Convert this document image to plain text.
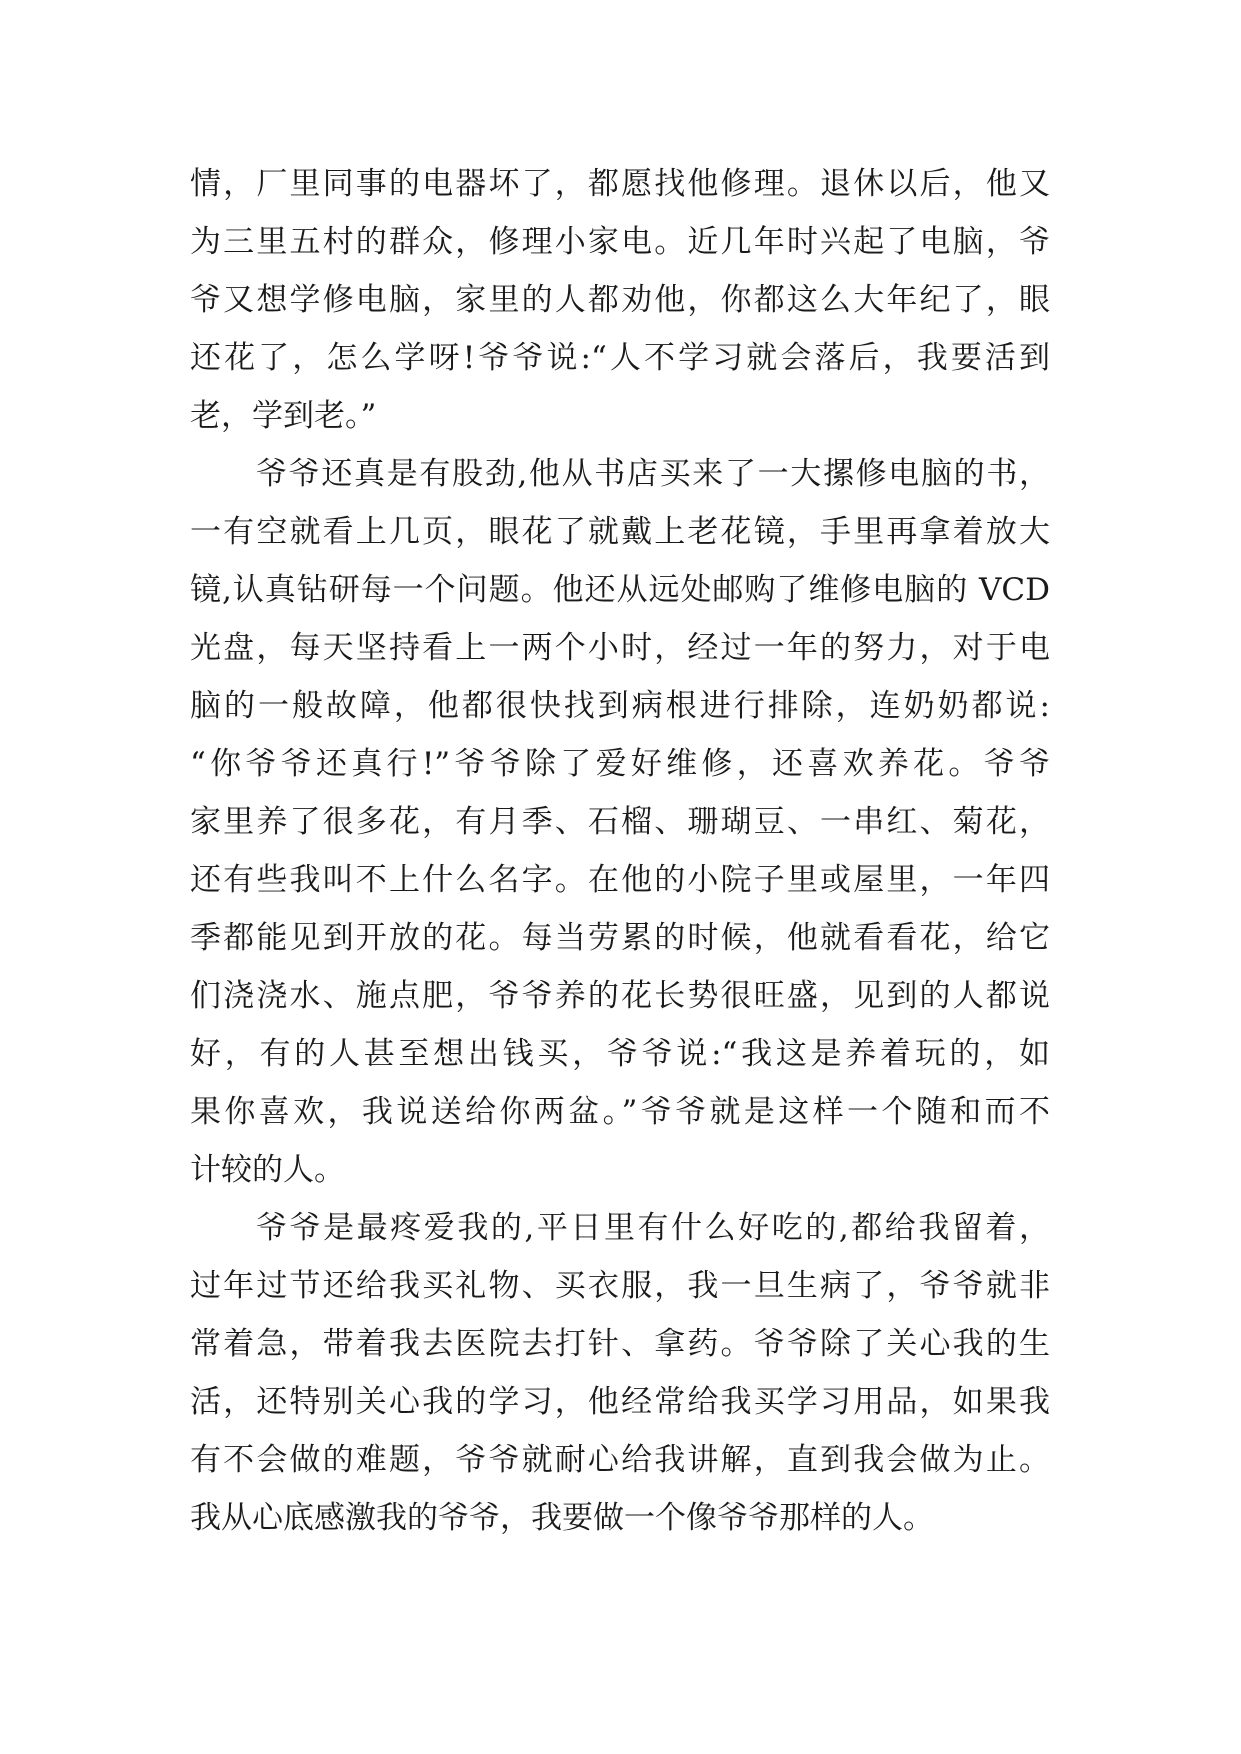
情，厂里同事的电器坏了，都愿找他修理。退休以后，他又
为三里五村的群众，修理小家电。近几年时兴起了电脑，爷
爷又想学修电脑，家里的人都劝他，你都这么大年纪了，眼
还花了，怎么学呀!爷爷说:“人不学习就会落后，我要活到
老，学到老。”
爷爷还真是有股劲,他从书店买来了一大摞修电脑的书，
一有空就看上几页，眼花了就戴上老花镜，手里再拿着放大
镜,认真钻研每一个问题。他还从远处邮购了维修电脑的 VCD
光盘，每天坚持看上一两个小时，经过一年的努力，对于电
脑的一般故障，他都很快找到病根进行排除，连奶奶都说:
“你爷爷还真行!”爷爷除了爱好维修，还喜欢养花。爷爷
家里养了很多花，有月季、石榴、珊瑚豆、一串红、菊花，
还有些我叫不上什么名字。在他的小院子里或屋里，一年四
季都能见到开放的花。每当劳累的时候，他就看看花，给它
们浇浇水、施点肥，爷爷养的花长势很旺盛，见到的人都说
好，有的人甚至想出钱买，爷爷说:“我这是养着玩的，如
果你喜欢，我说送给你两盆。”爷爷就是这样一个随和而不
计较的人。
爷爷是最疼爱我的,平日里有什么好吃的,都给我留着，
过年过节还给我买礼物、买衣服，我一旦生病了，爷爷就非
常着急，带着我去医院去打针、拿药。爷爷除了关心我的生
活，还特别关心我的学习，他经常给我买学习用品，如果我
有不会做的难题，爷爷就耐心给我讲解，直到我会做为止。
我从心底感激我的爷爷，我要做一个像爷爷那样的人。
